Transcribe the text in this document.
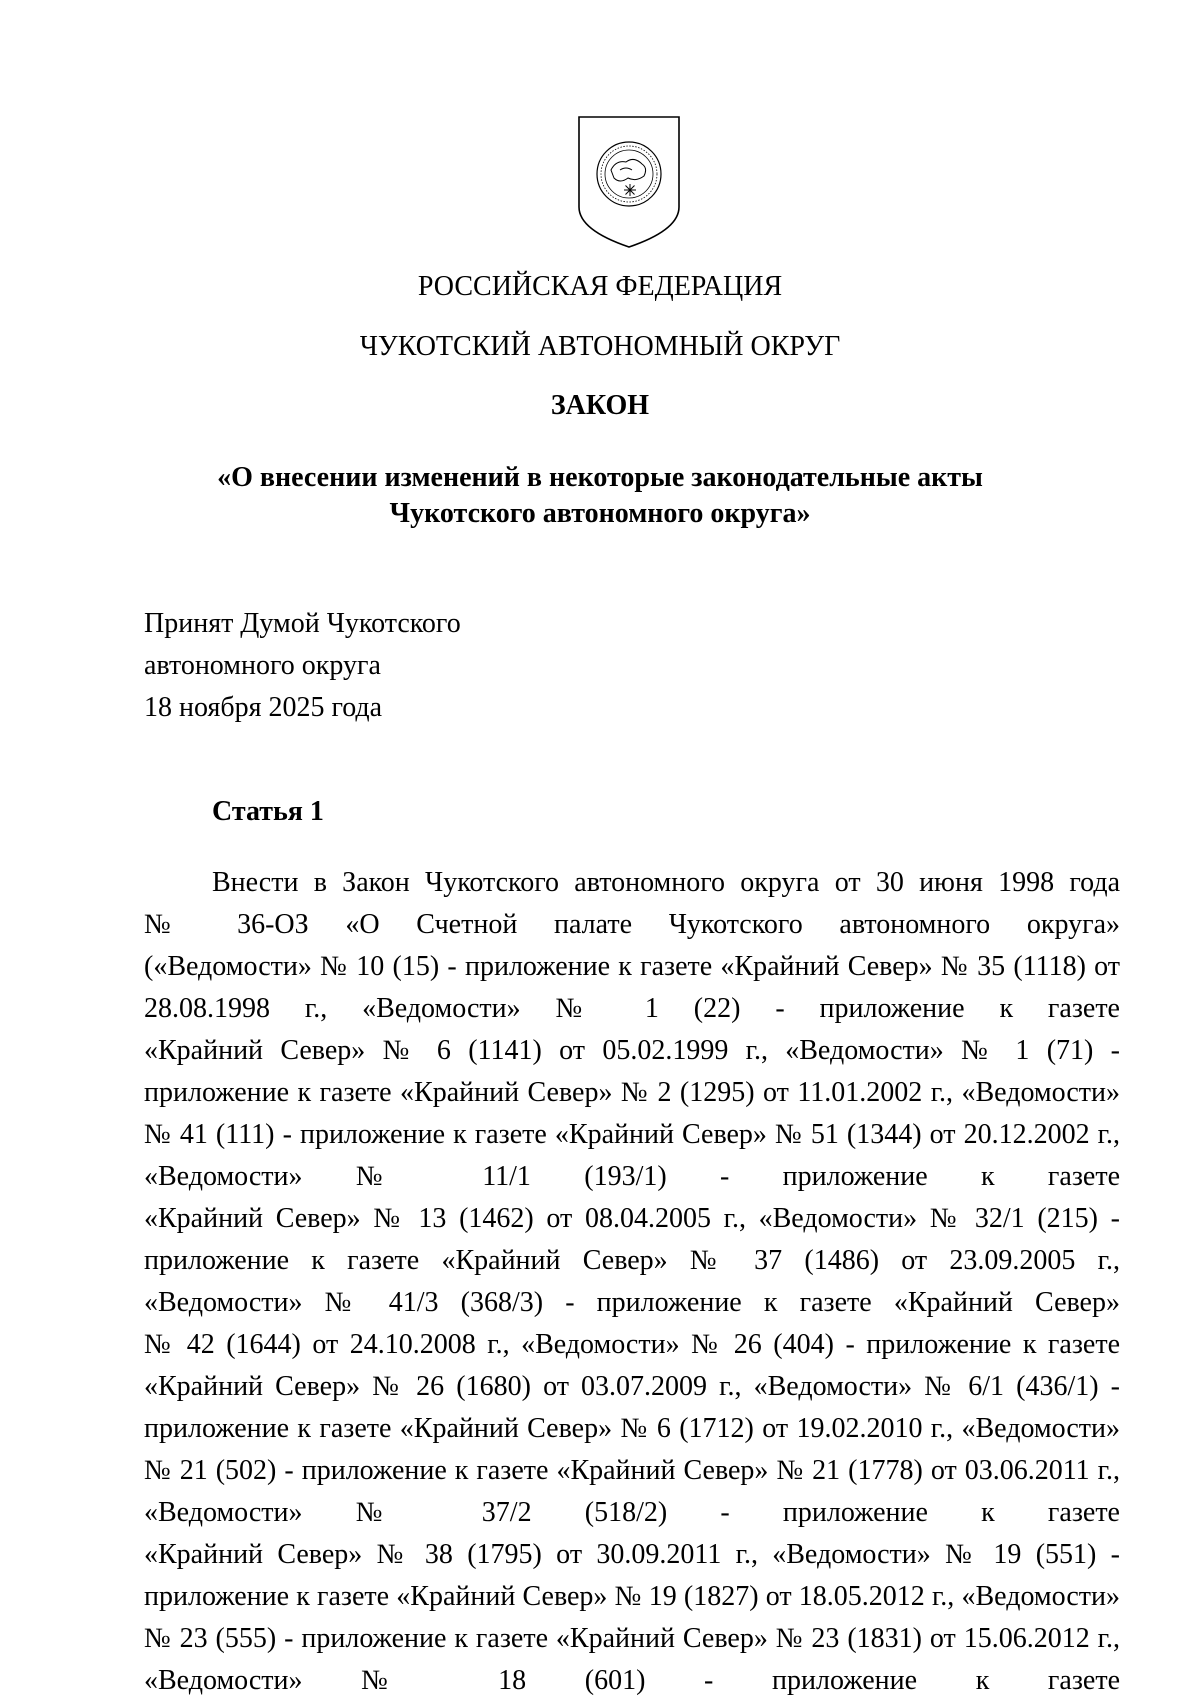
РОССИЙСКАЯ ФЕДЕРАЦИЯ
ЧУКОТСКИЙ АВТОНОМНЫЙ ОКРУГ
ЗАКОН
«О внесении изменений в некоторые законодательные акты
Чукотского автономного округа»
Принят Думой Чукотского
автономного округа
18 ноября 2025 года
Статья 1
Внести в Закон Чукотского автономного округа от 30 июня 1998 года
№ 36-ОЗ «О Счетной палате Чукотского автономного округа»
(«Ведомости» № 10 (15) - приложение к газете «Крайний Север» № 35 (1118) от
28.08.1998 г., «Ведомости» № 1 (22) - приложение к газете
«Крайний Север» № 6 (1141) от 05.02.1999 г., «Ведомости» № 1 (71) -
приложение к газете «Крайний Север» № 2 (1295) от 11.01.2002 г., «Ведомости»
№ 41 (111) - приложение к газете «Крайний Север» № 51 (1344) от 20.12.2002 г.,
«Ведомости» № 11/1 (193/1) - приложение к газете
«Крайний Север» № 13 (1462) от 08.04.2005 г., «Ведомости» № 32/1 (215) -
приложение к газете «Крайний Север» № 37 (1486) от 23.09.2005 г.,
«Ведомости» № 41/3 (368/3) - приложение к газете «Крайний Север»
№ 42 (1644) от 24.10.2008 г., «Ведомости» № 26 (404) - приложение к газете
«Крайний Север» № 26 (1680) от 03.07.2009 г., «Ведомости» № 6/1 (436/1) -
приложение к газете «Крайний Север» № 6 (1712) от 19.02.2010 г., «Ведомости»
№ 21 (502) - приложение к газете «Крайний Север» № 21 (1778) от 03.06.2011 г.,
«Ведомости» № 37/2 (518/2) - приложение к газете
«Крайний Север» № 38 (1795) от 30.09.2011 г., «Ведомости» № 19 (551) -
приложение к газете «Крайний Север» № 19 (1827) от 18.05.2012 г., «Ведомости»
№ 23 (555) - приложение к газете «Крайний Север» № 23 (1831) от 15.06.2012 г.,
«Ведомости» № 18 (601) - приложение к газете
